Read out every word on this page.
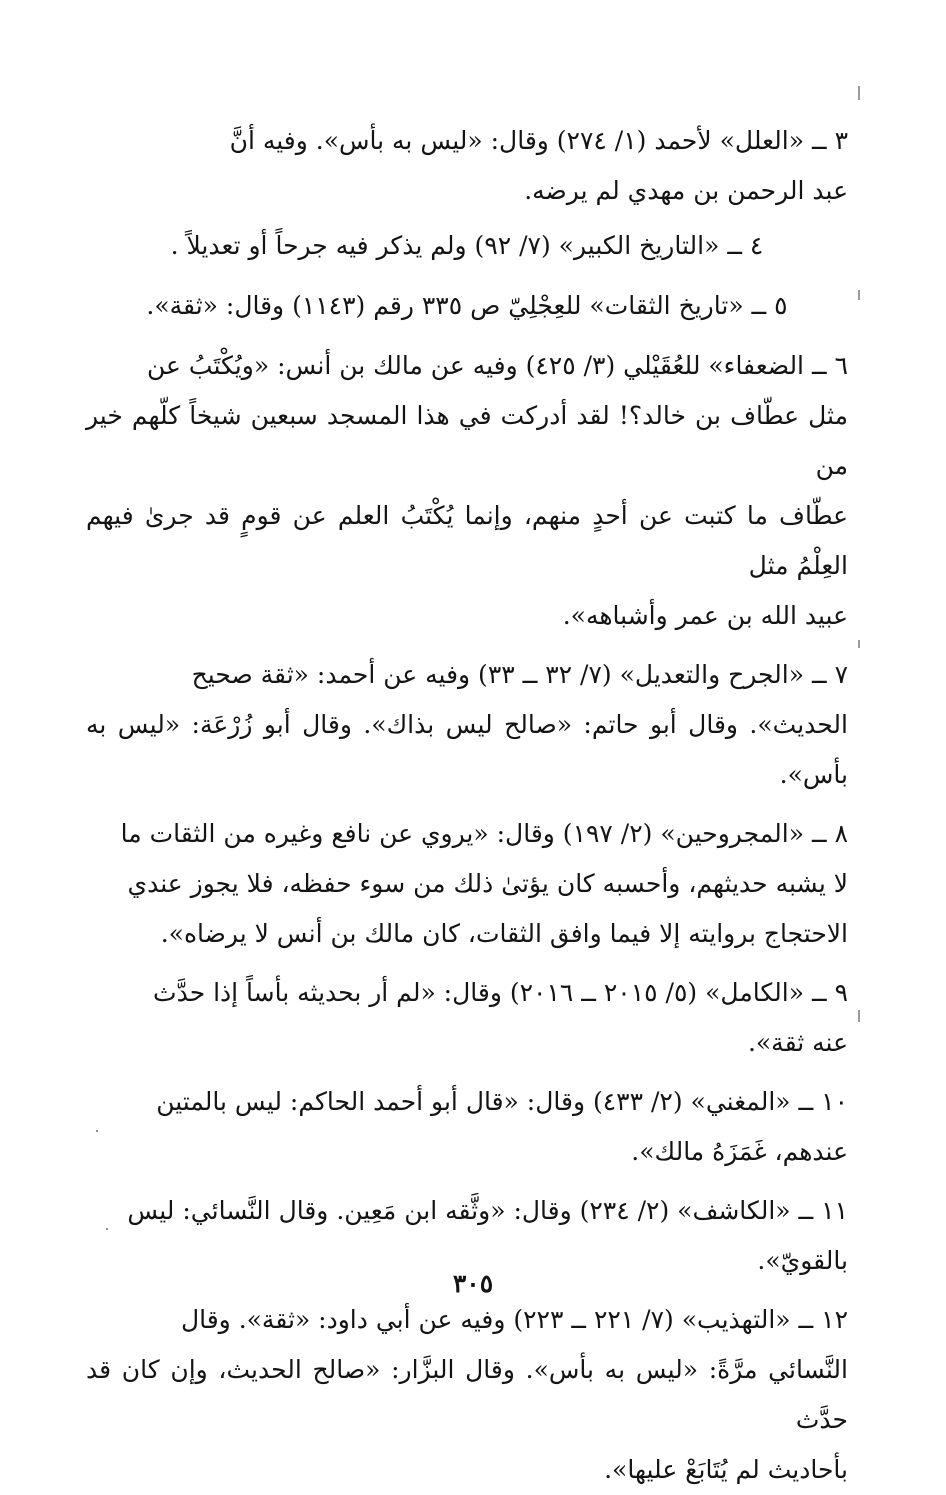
٣ ــ «العلل» لأحمد (١/ ٢٧٤) وقال: «ليس به بأس». وفيه أنَّ
عبد الرحمن بن مهدي لم يرضه.

٤ ــ «التاريخ الكبير» (٧/ ٩٢) ولم يذكر فيه جرحاً أو تعديلاً .

٥ ــ «تاريخ الثقات» للعِجْلِيّ ص ٣٣٥ رقم (١١٤٣) وقال: «ثقة».

٦ ــ الضعفاء» للعُقَيْلي (٣/ ٤٢٥) وفيه عن مالك بن أنس: «ويُكْتَبُ عن
مثل عطّاف بن خالد؟! لقد أدركت في هذا المسجد سبعين شيخاً كلّهم خير من
عطّاف ما كتبت عن أحدٍ منهم، وإنما يُكْتَبُ العلم عن قومٍ قد جرىٰ فيهم العِلْمُ مثل
عبيد الله بن عمر وأشباهه».

٧ ــ «الجرح والتعديل» (٧/ ٣٢ ــ ٣٣) وفيه عن أحمد: «ثقة صحيح
الحديث». وقال أبو حاتم: «صالح ليس بذاك». وقال أبو زُرْعَة: «ليس به بأس».

٨ ــ «المجروحين» (٢/ ١٩٧) وقال: «يروي عن نافع وغيره من الثقات ما
لا يشبه حديثهم، وأحسبه كان يؤتىٰ ذلك من سوء حفظه، فلا يجوز عندي
الاحتجاج بروايته إلا فيما وافق الثقات، كان مالك بن أنس لا يرضاه».

٩ ــ «الكامل» (٥/ ٢٠١٥ ــ ٢٠١٦) وقال: «لم أر بحديثه بأساً إذا حدَّث
عنه ثقة».

١٠ ــ «المغني» (٢/ ٤٣٣) وقال: «قال أبو أحمد الحاكم: ليس بالمتين
عندهم، غَمَزَهُ مالك».

١١ ــ «الكاشف» (٢/ ٢٣٤) وقال: «وثَّقه ابن مَعِين. وقال النَّسائي: ليس
بالقويّ».

١٢ ــ «التهذيب» (٧/ ٢٢١ ــ ٢٢٣) وفيه عن أبي داود: «ثقة». وقال
النَّسائي مرَّةً: «ليس به بأس». وقال البزَّار: «صالح الحديث، وإن كان قد حدَّث
بأحاديث لم يُتَابَعْ عليها».

٣٠٥
